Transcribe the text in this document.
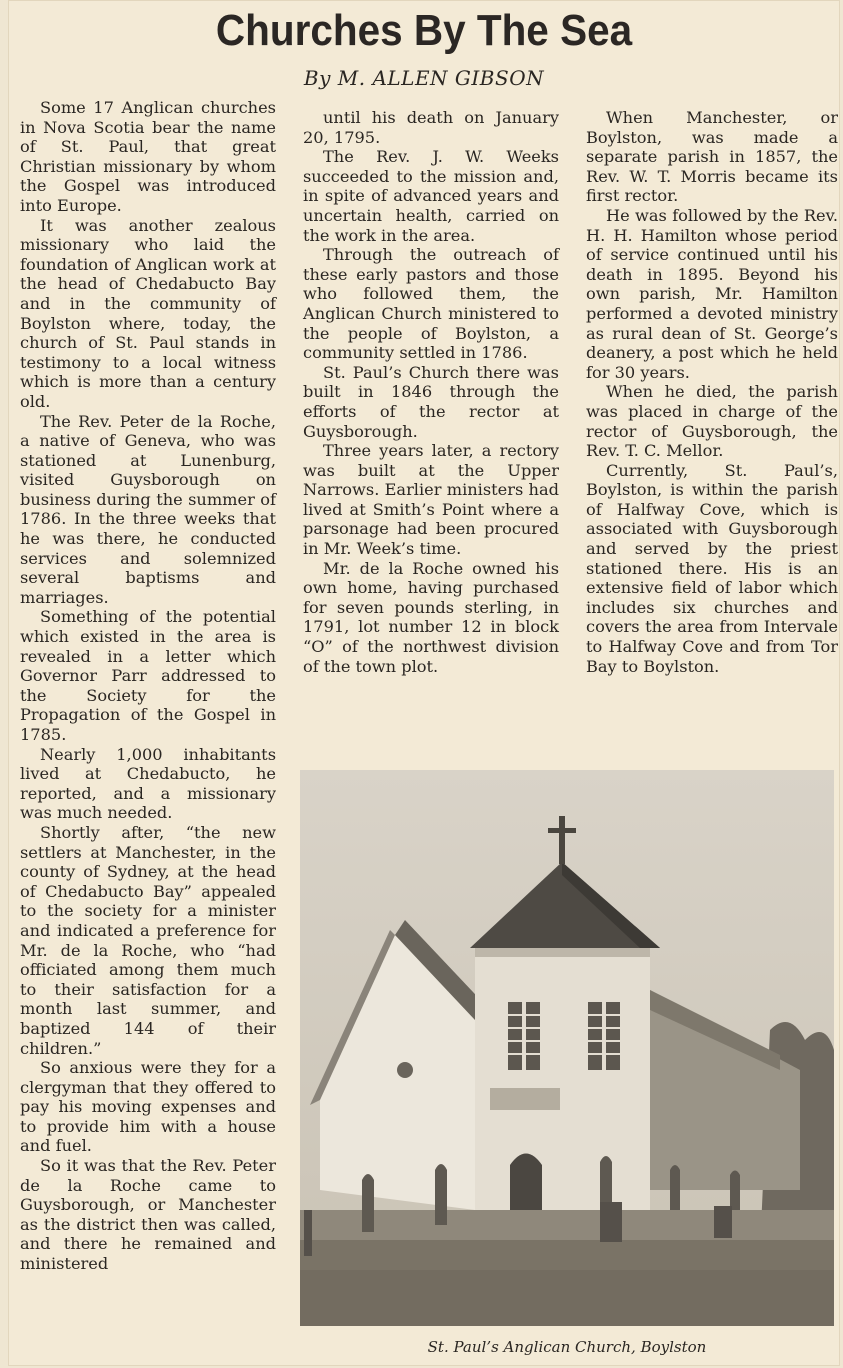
Churches By The Sea
By M. ALLEN GIBSON

Some 17 Anglican churches in Nova Scotia bear the name of St. Paul, that great Christian missionary by whom the Gospel was introduced into Europe.

It was another zealous missionary who laid the foundation of Anglican work at the head of Chedabucto Bay and in the community of Boylston where, today, the church of St. Paul stands in testimony to a local witness which is more than a century old.

The Rev. Peter de la Roche, a native of Geneva, who was stationed at Lunenburg, visited Guysborough on business during the summer of 1786. In the three weeks that he was there, he conducted services and solemnized several baptisms and marriages.

Something of the potential which existed in the area is revealed in a letter which Governor Parr addressed to the Society for the Propagation of the Gospel in 1785.

Nearly 1,000 inhabitants lived at Chedabucto, he reported, and a missionary was much needed.

Shortly after, “the new settlers at Manchester, in the county of Sydney, at the head of Chedabucto Bay” appealed to the society for a minister and indicated a preference for Mr. de la Roche, who “had officiated among them much to their satisfaction for a month last summer, and baptized 144 of their children.”

So anxious were they for a clergyman that they offered to pay his moving expenses and to provide him with a house and fuel.

So it was that the Rev. Peter de la Roche came to Guysborough, or Manchester as the district then was called, and there he remained and ministered

until his death on January 20, 1795.

The Rev. J. W. Weeks succeeded to the mission and, in spite of advanced years and uncertain health, carried on the work in the area.

Through the outreach of these early pastors and those who followed them, the Anglican Church ministered to the people of Boylston, a community settled in 1786.

St. Paul’s Church there was built in 1846 through the efforts of the rector at Guysborough.

Three years later, a rectory was built at the Upper Narrows. Earlier ministers had lived at Smith’s Point where a parsonage had been procured in Mr. Week’s time.

Mr. de la Roche owned his own home, having purchased for seven pounds sterling, in 1791, lot number 12 in block “O” of the northwest division of the town plot.

When Manchester, or Boylston, was made a separate parish in 1857, the Rev. W. T. Morris became its first rector.

He was followed by the Rev. H. H. Hamilton whose period of service continued until his death in 1895. Beyond his own parish, Mr. Hamilton performed a devoted ministry as rural dean of St. George’s deanery, a post which he held for 30 years.

When he died, the parish was placed in charge of the rector of Guysborough, the Rev. T. C. Mellor.

Currently, St. Paul’s, Boylston, is within the parish of Halfway Cove, which is associated with Guysborough and served by the priest stationed there. His is an extensive field of labor which includes six churches and covers the area from Intervale to Halfway Cove and from Tor Bay to Boylston.

St. Paul’s Anglican Church, Boylston
